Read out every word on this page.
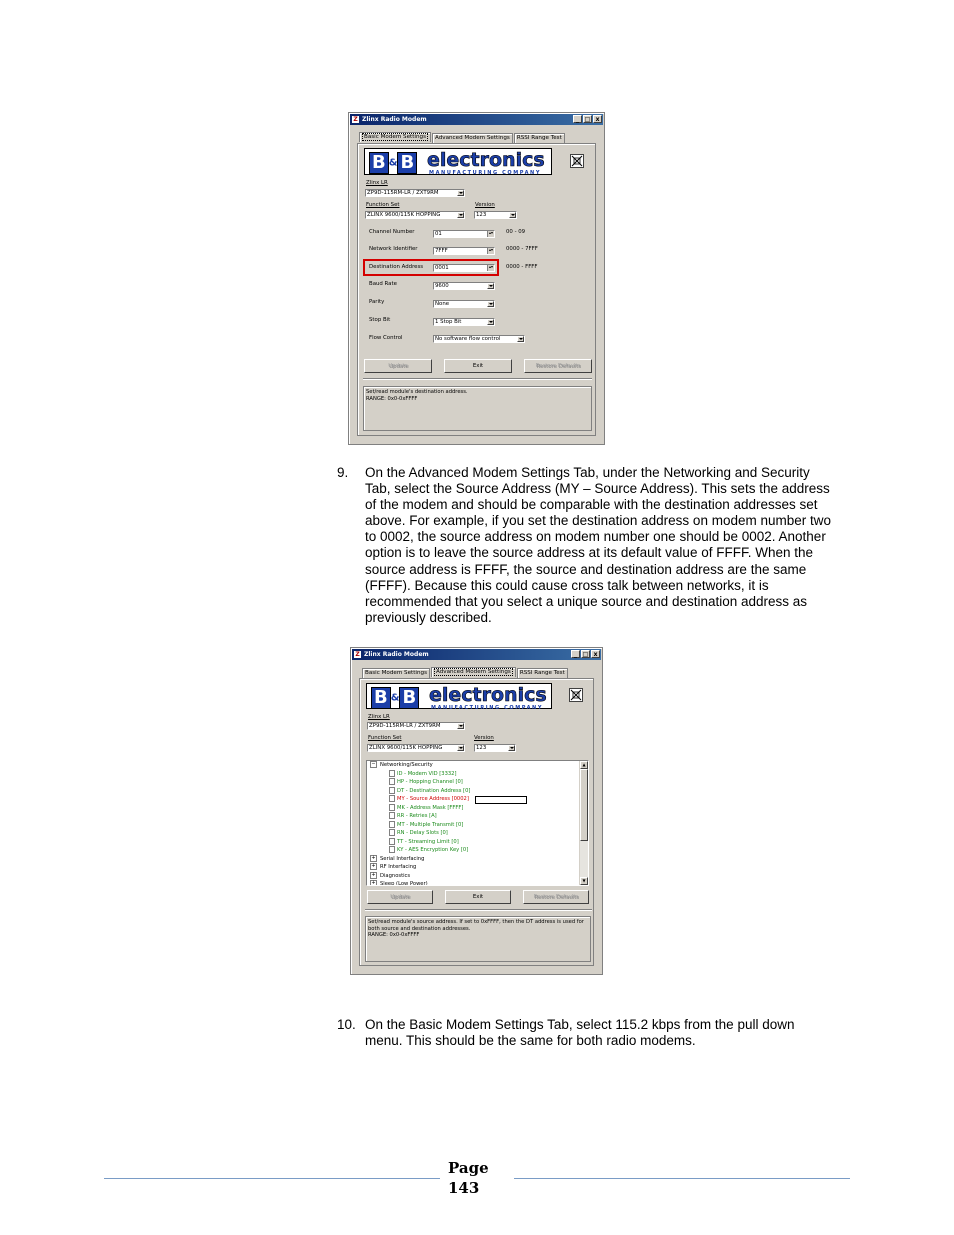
Z Zlinx Radio Modem	_ □ x
Basic Modem Settings	Advanced Modem Settings	RSSI Range Test
B & B electronics
MANUFACTURING COMPANY
Zlinx LR
ZP9D-115RM-LR / ZXT9RM
Function Set
ZLINX 9600/115K HOPPING
Version
123
Channel Number	01	▴▾ 00 - 09
Network Identifier	7FFF	▴▾ 0000 - 7FFF
Destination Address	0001	▴▾ 0000 - FFFF
Baud Rate	9600
Parity	None
Stop Bit	1 Stop Bit
Flow Control	No software flow control
Update	Exit	Restore Defaults
Set/read module's destination address.
RANGE: 0x0-0xFFFF
9. On the Advanced Modem Settings Tab, under the Networking and Security Tab, select the Source Address (MY – Source Address). This sets the address of the modem and should be comparable with the destination addresses set above. For example, if you set the destination address on modem number two to 0002, the source address on modem number one should be 0002. Another option is to leave the source address at its default value of FFFF. When the source address is FFFF, the source and destination address are the same (FFFF). Because this could cause cross talk between networks, it is recommended that you select a unique source and destination address as previously described.
Z Zlinx Radio Modem	_ □ x
Basic Modem Settings	Advanced Modem Settings	RSSI Range Test
B & B electronics
MANUFACTURING COMPANY
Zlinx LR
ZP9D-115RM-LR / ZXT9RM
Function Set
ZLINX 9600/115K HOPPING
Version
123
− Networking/Security
ID - Modem VID [3332]
HP - Hopping Channel [0]
DT - Destination Address [0]
MY - Source Address [0002]
MK - Address Mask [FFFF]
RR - Retries [A]
MT - Multiple Transmit [0]
RN - Delay Slots [0]
TT - Streaming Limit [0]
KY - AES Encryption Key [0]
+ Serial Interfacing
+ RF Interfacing
+ Diagnostics
+ Sleep (Low Power)
▲
▼
Update	Exit	Restore Defaults
Set/read module's source address. If set to 0xFFFF, then the DT address is used for
both source and destination addresses.
RANGE: 0x0-0xFFFF
10. On the Basic Modem Settings Tab, select 115.2 kbps from the pull down menu. This should be the same for both radio modems.
Page
143
